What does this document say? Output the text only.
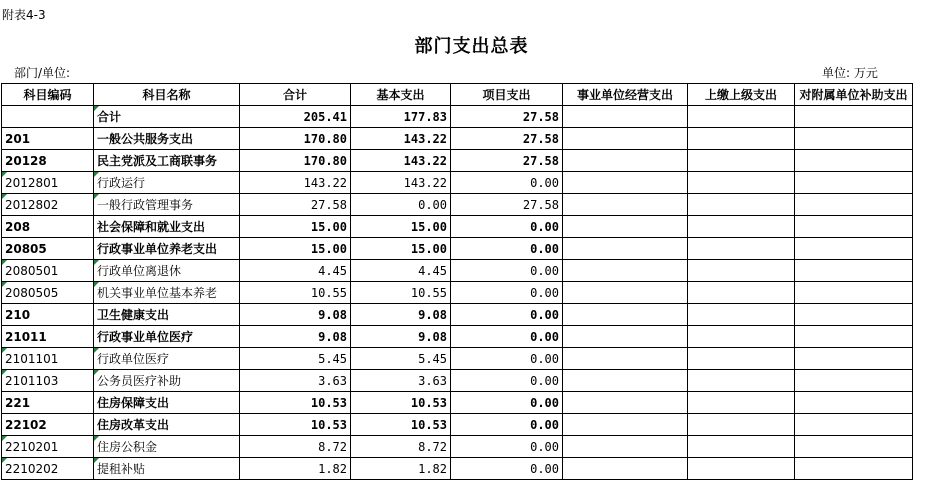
附表4-3
部门支出总表
部门/单位:	单位: 万元
科目编码	科目名称	合计	基本支出	项目支出	事业单位经营支出	上缴上级支出	对附属单位补助支出
	合计	205.41	177.83	27.58			
201	一般公共服务支出	170.80	143.22	27.58			
20128	民主党派及工商联事务	170.80	143.22	27.58			
2012801	行政运行	143.22	143.22	0.00			
2012802	一般行政管理事务	27.58	0.00	27.58			
208	社会保障和就业支出	15.00	15.00	0.00			
20805	行政事业单位养老支出	15.00	15.00	0.00			
2080501	行政单位离退休	4.45	4.45	0.00			
2080505	机关事业单位基本养老	10.55	10.55	0.00			
210	卫生健康支出	9.08	9.08	0.00			
21011	行政事业单位医疗	9.08	9.08	0.00			
2101101	行政单位医疗	5.45	5.45	0.00			
2101103	公务员医疗补助	3.63	3.63	0.00			
221	住房保障支出	10.53	10.53	0.00			
22102	住房改革支出	10.53	10.53	0.00			
2210201	住房公积金	8.72	8.72	0.00			
2210202	提租补贴	1.82	1.82	0.00			
